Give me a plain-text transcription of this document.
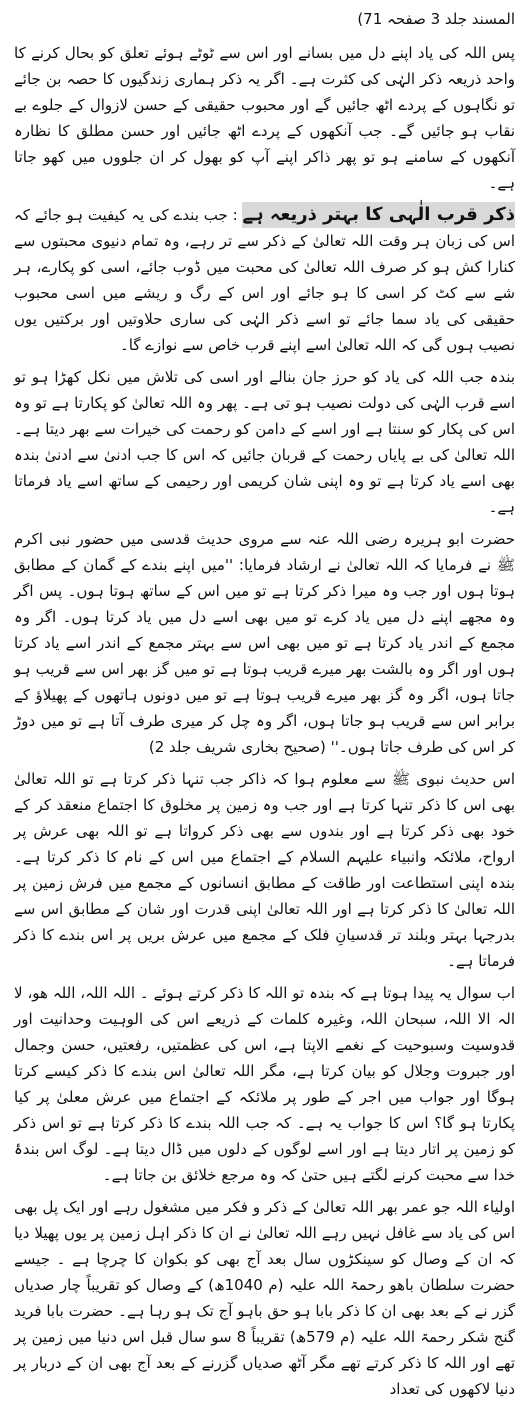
المسند جلد 3 صفحہ 71)

پس اللہ کی یاد اپنے دل میں بسانے اور اس سے ٹوٹے ہوئے تعلق کو بحال کرنے کا واحد ذریعہ ذکر الہٰی کی کثرت ہے۔ اگر یہ ذکر ہماری زندگیوں کا حصہ بن جائے تو نگاہوں کے پردے اٹھ جائیں گے اور محبوب حقیقی کے حسن لازوال کے جلوے بے نقاب ہو جائیں گے۔ جب آنکھوں کے پردے اٹھ جائیں اور حسن مطلق کا نظارہ آنکھوں کے سامنے ہو تو پھر ذاکر اپنے آپ کو بھول کر ان جلووں میں کھو جاتا ہے۔

ذکر قرب الٰہی کا بہتر ذریعہ ہے : جب بندے کی یہ کیفیت ہو جائے کہ اس کی زبان ہر وقت اللہ تعالیٰ کے ذکر سے تر رہے، وہ تمام دنیوی محبتوں سے کنارا کش ہو کر صرف اللہ تعالیٰ کی محبت میں ڈوب جائے، اسی کو پکارے، ہر شے سے کٹ کر اسی کا ہو جائے اور اس کے رگ و ریشے میں اسی محبوب حقیقی کی یاد سما جائے تو اسے ذکر الہٰی کی ساری حلاوتیں اور برکتیں یوں نصیب ہوں گی کہ اللہ تعالیٰ اسے اپنے قرب خاص سے نوازے گا۔

بندہ جب اللہ کی یاد کو حرز جان بنالے اور اسی کی تلاش میں نکل کھڑا ہو تو اسے قرب الہٰی کی دولت نصیب ہو تی ہے۔ پھر وہ اللہ تعالیٰ کو پکارتا ہے تو وہ اس کی پکار کو سنتا ہے اور اسے کے دامن کو رحمت کی خیرات سے بھر دیتا ہے۔ اللہ تعالیٰ کی بے پایاں رحمت کے قربان جائیں کہ اس کا جب ادنیٰ سے ادنیٰ بندہ بھی اسے یاد کرتا ہے تو وہ اپنی شان کریمی اور رحیمی کے ساتھ اسے یاد فرماتا ہے۔

حضرت ابو ہریرہ رضی اللہ عنہ سے مروی حدیث قدسی میں حضور نبی اکرم ﷺ نے فرمایا کہ اللہ تعالیٰ نے ارشاد فرمایا: ''میں اپنے بندے کے گمان کے مطابق ہوتا ہوں اور جب وہ میرا ذکر کرتا ہے تو میں اس کے ساتھ ہوتا ہوں۔ پس اگر وہ مجھے اپنے دل میں یاد کرے تو میں بھی اسے دل میں یاد کرتا ہوں۔ اگر وہ مجمع کے اندر یاد کرتا ہے تو میں بھی اس سے بہتر مجمع کے اندر اسے یاد کرتا ہوں اور اگر وہ بالشت بھر میرے قریب ہوتا ہے تو میں گز بھر اس سے قریب ہو جاتا ہوں، اگر وہ گز بھر میرے قریب ہوتا ہے تو میں دونوں ہاتھوں کے پھیلاؤ کے برابر اس سے قریب ہو جاتا ہوں، اگر وہ چل کر میری طرف آتا ہے تو میں دوڑ کر اس کی طرف جاتا ہوں۔'' (صحیح بخاری شریف جلد 2)

اس حدیث نبوی ﷺ سے معلوم ہوا کہ ذاکر جب تنہا ذکر کرتا ہے تو اللہ تعالیٰ بھی اس کا ذکر تنہا کرتا ہے اور جب وہ زمین پر مخلوق کا اجتماع منعقد کر کے خود بھی ذکر کرتا ہے اور بندوں سے بھی ذکر کرواتا ہے تو اللہ بھی عرش پر ارواح، ملائکہ وانبیاء علیہم السلام کے اجتماع میں اس کے نام کا ذکر کرتا ہے۔ بندہ اپنی استطاعت اور طاقت کے مطابق انسانوں کے مجمع میں فرش زمین پر اللہ تعالیٰ کا ذکر کرتا ہے اور اللہ تعالیٰ اپنی قدرت اور شان کے مطابق اس سے بدرجہا بہتر وبلند تر قدسیانِ فلک کے مجمع میں عرش بریں پر اس بندے کا ذکر فرماتا ہے۔

اب سوال یہ پیدا ہوتا ہے کہ بندہ تو اللہ کا ذکر کرتے ہوئے ۔ اللہ اللہ، اللہ ھو، لا الہ الا اللہ، سبحان اللہ، وغیرہ کلمات کے ذریعے اس کی الوہیت وحدانیت اور قدوسیت وسبوحیت کے نغمے الاپتا ہے، اس کی عظمتیں، رفعتیں، حسن وجمال اور جبروت وجلال کو بیان کرتا ہے، مگر اللہ تعالیٰ اس بندے کا ذکر کیسے کرتا ہوگا اور جواب میں اجر کے طور پر ملائکہ کے اجتماع میں عرش معلیٰ پر کیا پکارتا ہو گا؟ اس کا جواب یہ ہے۔ کہ جب اللہ بندے کا ذکر کرتا ہے تو اس ذکر کو زمین پر اتار دیتا ہے اور اسے لوگوں کے دلوں میں ڈال دیتا ہے۔ لوگ اس بندۂ خدا سے محبت کرنے لگتے ہیں حتیٰ کہ وہ مرجع خلائق بن جاتا ہے۔

اولیاء اللہ جو عمر بھر اللہ تعالیٰ کے ذکر و فکر میں مشغول رہے اور ایک پل بھی اس کی یاد سے غافل نہیں رہے اللہ تعالیٰ نے ان کا ذکر اہل زمین پر یوں پھیلا دیا کہ ان کے وصال کو سینکڑوں سال بعد آج بھی کو بکوان کا چرچا ہے ۔ جیسے حضرت سلطان باھو رحمۃ اللہ علیہ (م 1040ھ) کے وصال کو تقریباً چار صدیاں گزر نے کے بعد بھی ان کا ذکر بابا ہو حق باہو آج تک ہو رہا ہے۔ حضرت بابا فرید گنج شکر رحمۃ اللہ علیہ (م 579ھ) تقریباً 8 سو سال قبل اس دنیا میں زمین پر تھے اور اللہ کا ذکر کرتے تھے مگر آٹھ صدیاں گزرنے کے بعد آج بھی ان کے دربار پر دنیا لاکھوں کی تعداد
